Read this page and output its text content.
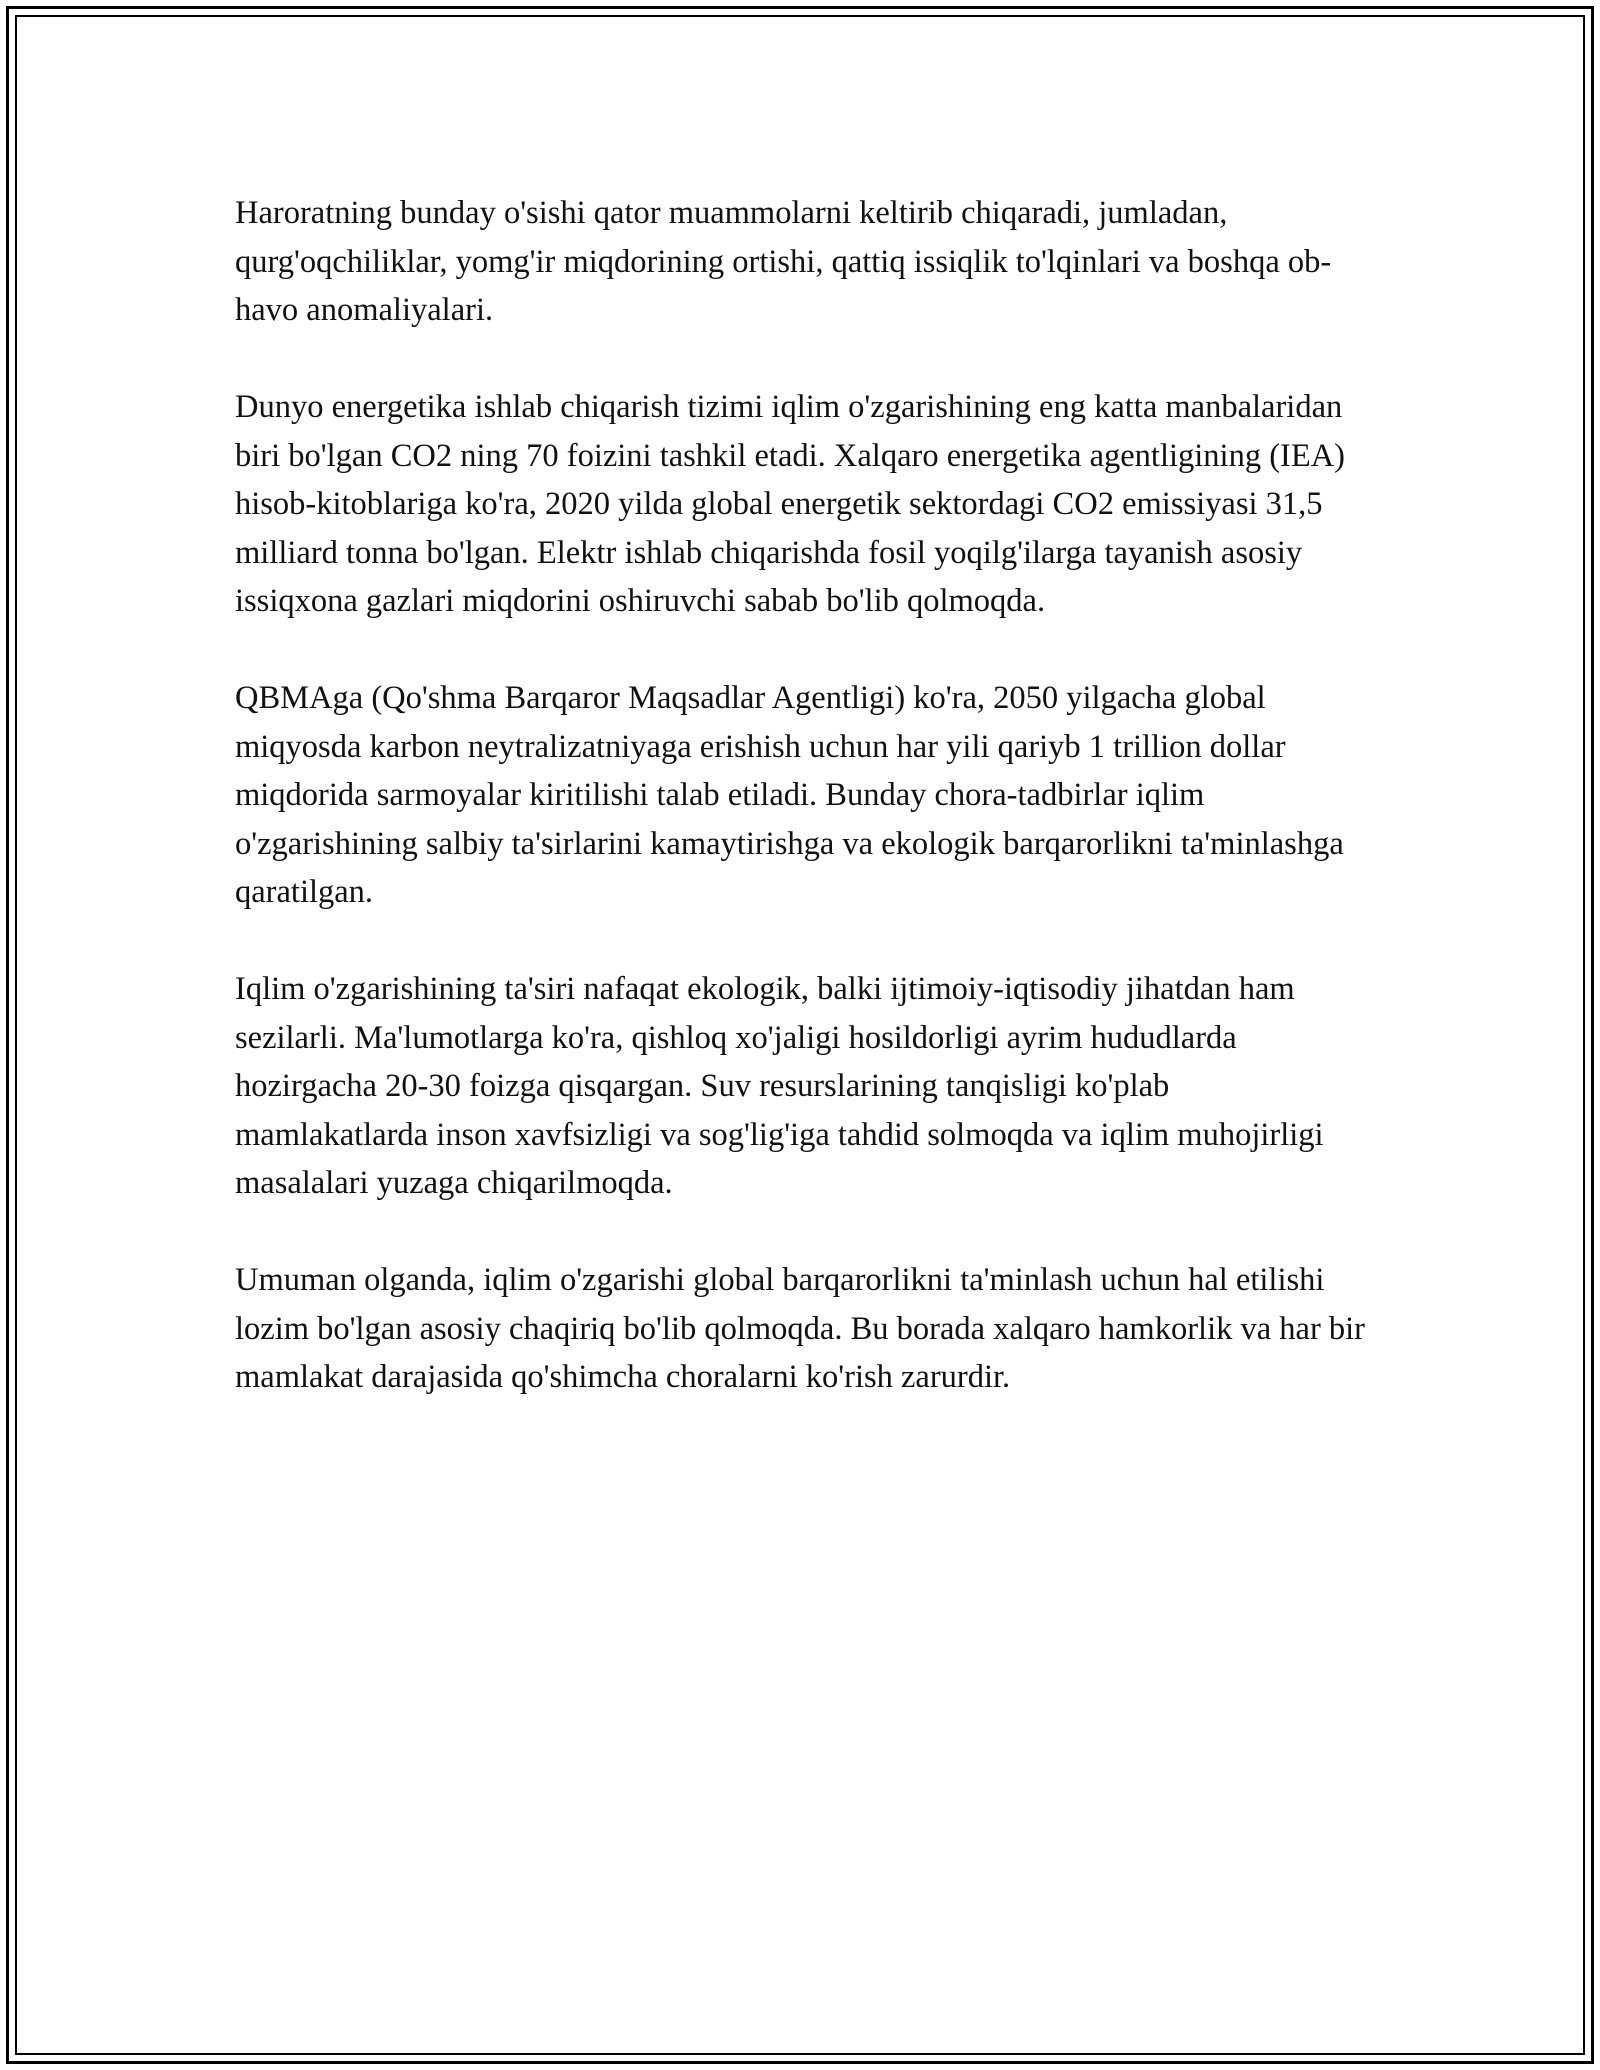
Haroratning bunday o'sishi qator muammolarni keltirib chiqaradi, jumladan, qurg'oqchiliklar, yomg'ir miqdorining ortishi, qattiq issiqlik to'lqinlari va boshqa ob-havo anomaliyalari.

Dunyo energetika ishlab chiqarish tizimi iqlim o'zgarishining eng katta manbalaridan biri bo'lgan CO2 ning 70 foizini tashkil etadi. Xalqaro energetika agentligining (IEA) hisob-kitoblariga ko'ra, 2020 yilda global energetik sektordagi CO2 emissiyasi 31,5 milliard tonna bo'lgan. Elektr ishlab chiqarishda fosil yoqilg'ilarga tayanish asosiy issiqxona gazlari miqdorini oshiruvchi sabab bo'lib qolmoqda.

QBMAga (Qo'shma Barqaror Maqsadlar Agentligi) ko'ra, 2050 yilgacha global miqyosda karbon neytralizatniyaga erishish uchun har yili qariyb 1 trillion dollar miqdorida sarmoyalar kiritilishi talab etiladi. Bunday chora-tadbirlar iqlim o'zgarishining salbiy ta'sirlarini kamaytirishga va ekologik barqarorlikni ta'minlashga qaratilgan.

Iqlim o'zgarishining ta'siri nafaqat ekologik, balki ijtimoiy-iqtisodiy jihatdan ham sezilarli. Ma'lumotlarga ko'ra, qishloq xo'jaligi hosildorligi ayrim hududlarda hozirgacha 20-30 foizga qisqargan. Suv resurslarining tanqisligi ko'plab mamlakatlarda inson xavfsizligi va sog'lig'iga tahdid solmoqda va iqlim muhojirligi masalalari yuzaga chiqarilmoqda.

Umuman olganda, iqlim o'zgarishi global barqarorlikni ta'minlash uchun hal etilishi lozim bo'lgan asosiy chaqiriq bo'lib qolmoqda. Bu borada xalqaro hamkorlik va har bir mamlakat darajasida qo'shimcha choralarni ko'rish zarurdir.
